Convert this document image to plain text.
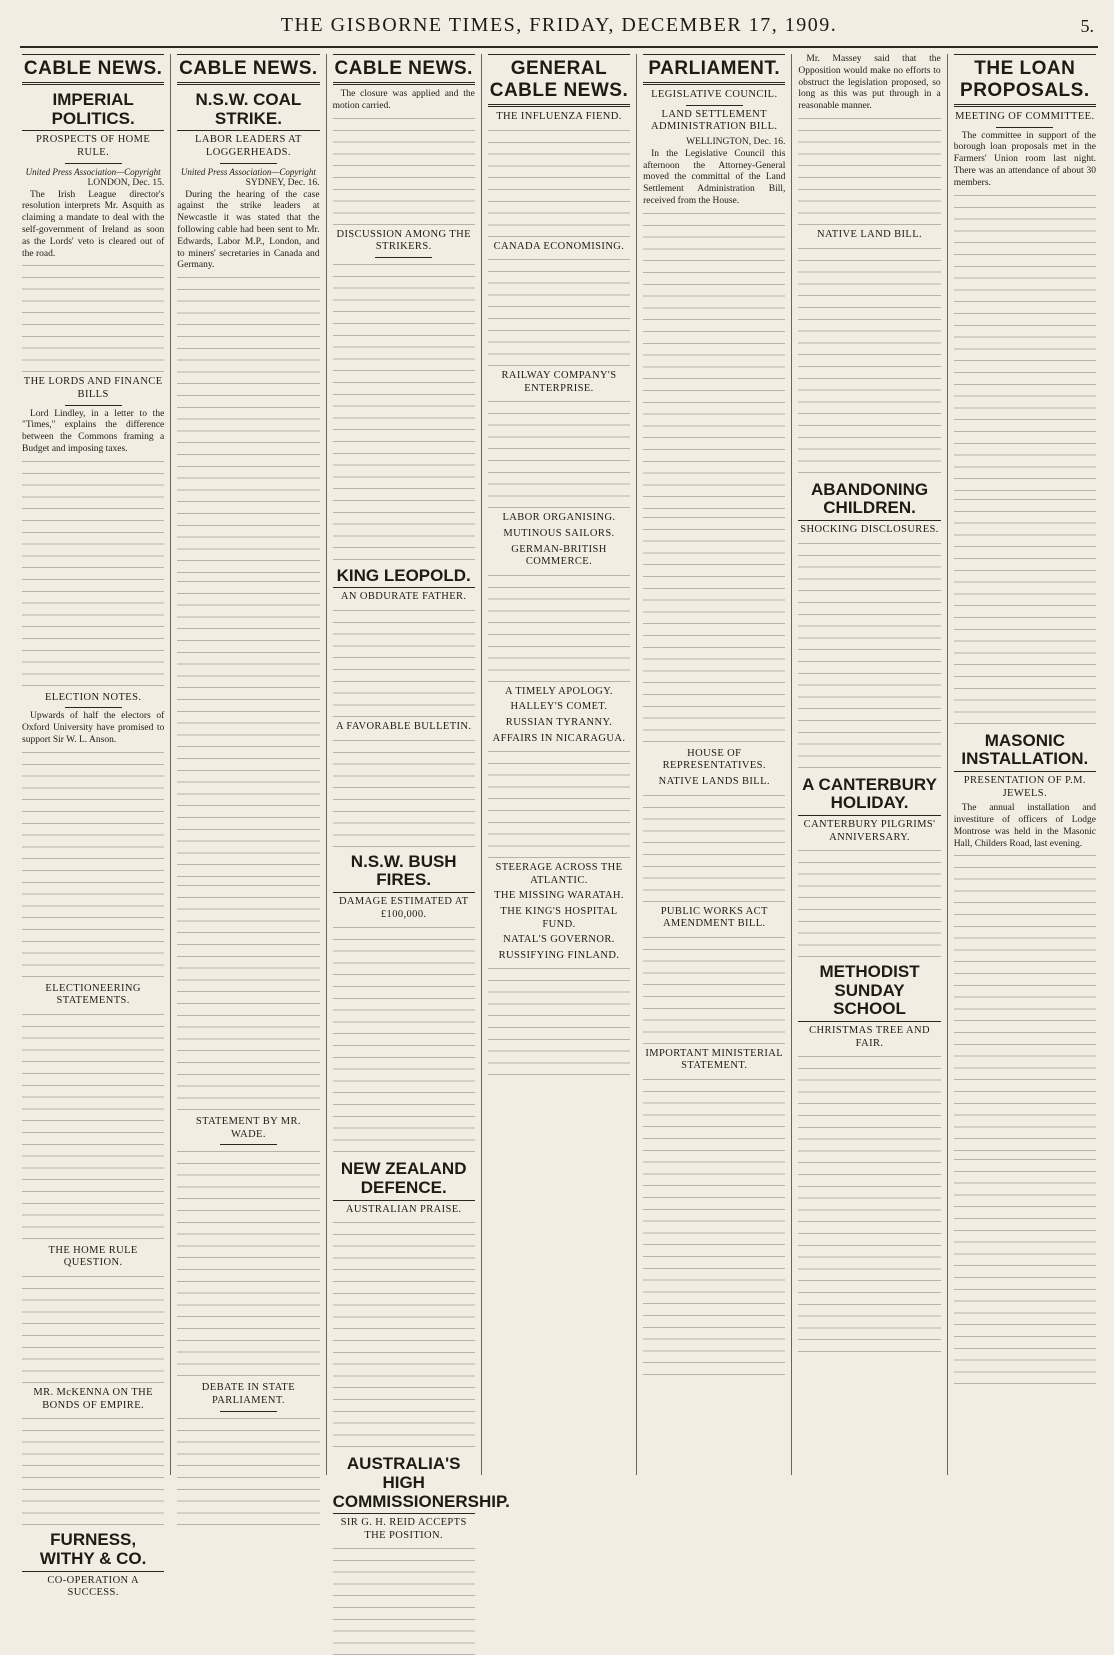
THE GISBORNE TIMES, FRIDAY, DECEMBER 17, 1909.	5.
CABLE NEWS.
IMPERIAL POLITICS.
PROSPECTS OF HOME RULE.
United Press Association—Copyright
LONDON, Dec. 15.

The Irish League director's resolution interprets Mr. Asquith as claiming a mandate to deal with the self-government of Ireland as soon as the Lords' veto is cleared out of the road.

THE LORDS AND FINANCE BILLS

Lord Lindley, in a letter to the "Times," explains the difference between the Commons framing a Budget and imposing taxes.

ELECTION NOTES.

Upwards of half the electors of Oxford University have promised to support Sir W. L. Anson.

ELECTIONEERING STATEMENTS.
THE HOME RULE QUESTION.
MR. McKENNA ON THE BONDS OF EMPIRE.
FURNESS, WITHY & CO.
CO-OPERATION A SUCCESS.
CABLE NEWS.
N.S.W. COAL STRIKE.
LABOR LEADERS AT LOGGERHEADS.
United Press Association—Copyright
SYDNEY, Dec. 16.

During the hearing of the case against the strike leaders at Newcastle it was stated that the following cable had been sent to Mr. Edwards, Labor M.P., London, and to miners' secretaries in Canada and Germany.

STATEMENT BY MR. WADE.
DEBATE IN STATE PARLIAMENT.
CABLE NEWS.

The closure was applied and the motion carried.

DISCUSSION AMONG THE STRIKERS.
KING LEOPOLD.
AN OBDURATE FATHER.
A FAVORABLE BULLETIN.
N.S.W. BUSH FIRES.
DAMAGE ESTIMATED AT £100,000.
NEW ZEALAND DEFENCE.
AUSTRALIAN PRAISE.
AUSTRALIA'S HIGH COMMISSIONERSHIP.
SIR G. H. REID ACCEPTS THE POSITION.
GENERAL CABLE NEWS.
THE INFLUENZA FIEND.
CANADA ECONOMISING.
RAILWAY COMPANY'S ENTERPRISE.
LABOR ORGANISING.
MUTINOUS SAILORS.
GERMAN-BRITISH COMMERCE.
A TIMELY APOLOGY.
HALLEY'S COMET.
RUSSIAN TYRANNY.
AFFAIRS IN NICARAGUA.
STEERAGE ACROSS THE ATLANTIC.
THE MISSING WARATAH.
THE KING'S HOSPITAL FUND.
NATAL'S GOVERNOR.
RUSSIFYING FINLAND.
PARLIAMENT.
LEGISLATIVE COUNCIL.
LAND SETTLEMENT ADMINISTRATION BILL.
WELLINGTON, Dec. 16.

In the Legislative Council this afternoon the Attorney-General moved the committal of the Land Settlement Administration Bill, received from the House.

HOUSE OF REPRESENTATIVES.
NATIVE LANDS BILL.
PUBLIC WORKS ACT AMENDMENT BILL.
IMPORTANT MINISTERIAL STATEMENT.

Mr. Massey said that the Opposition would make no efforts to obstruct the legislation proposed, so long as this was put through in a reasonable manner.

NATIVE LAND BILL.
ABANDONING CHILDREN.
SHOCKING DISCLOSURES.
A CANTERBURY HOLIDAY.
CANTERBURY PILGRIMS' ANNIVERSARY.
METHODIST SUNDAY SCHOOL
CHRISTMAS TREE AND FAIR.
THE LOAN PROPOSALS.
MEETING OF COMMITTEE.

The committee in support of the borough loan proposals met in the Farmers' Union room last night. There was an attendance of about 30 members.

MASONIC INSTALLATION.
PRESENTATION OF P.M. JEWELS.

The annual installation and investiture of officers of Lodge Montrose was held in the Masonic Hall, Childers Road, last evening.
